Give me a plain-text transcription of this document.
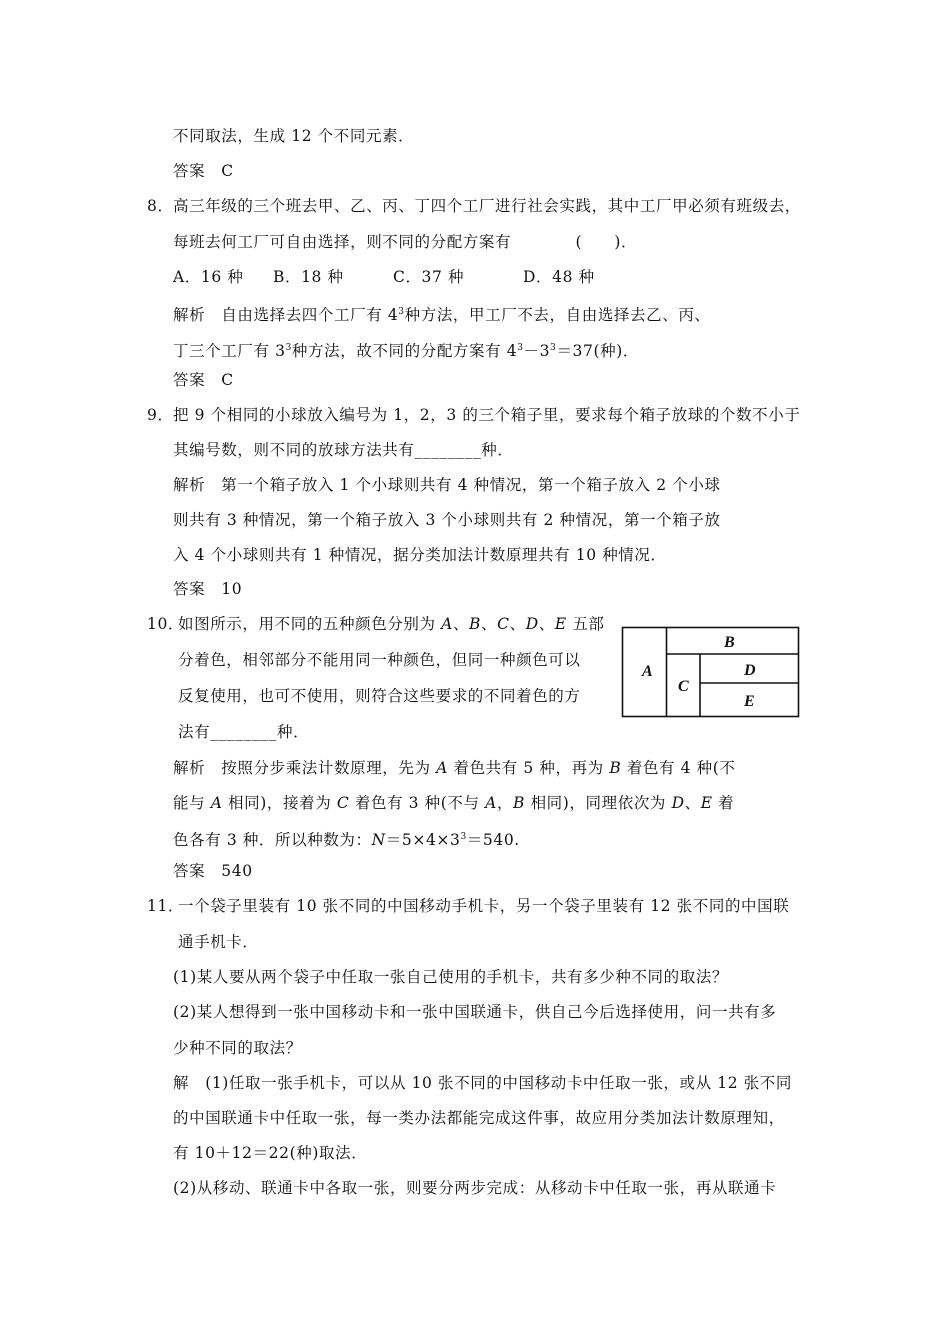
不同取法，生成 12 个不同元素．
答案　C
8． 高三年级的三个班去甲、乙、丙、丁四个工厂进行社会实践，其中工厂甲必须有班级去，
每班去何工厂可自由选择，则不同的分配方案有　　　　(　　)．
A．16 种 B．18 种	C．37 种	D．48 种
解析　自由选择去四个工厂有 $4^3$种方法，甲工厂不去，自由选择去乙、丙、
丁三个工厂有 $3^3$种方法，故不同的分配方案有 $4^3-3^3=37$(种)．
答案　C
9． 把 9 个相同的小球放入编号为 1，2，3 的三个箱子里，要求每个箱子放球的个数不小于
其编号数，则不同的放球方法共有________种．
解析　第一个箱子放入 1 个小球则共有 4 种情况，第一个箱子放入 2 个小球
则共有 3 种情况，第一个箱子放入 3 个小球则共有 2 种情况，第一个箱子放
入 4 个小球则共有 1 种情况，据分类加法计数原理共有 10 种情况．
答案　10
10．
如图所示，用不同的五种颜色分别为 A、B、C、D、E 五部
分着色，相邻部分不能用同一种颜色，但同一种颜色可以
反复使用，也可不使用，则符合这些要求的不同着色的方
法有________种．
A
B
C
D
E
解析　按照分步乘法计数原理，先为 A 着色共有 5 种，再为 B 着色有 4 种(不
能与 A 相同)，接着为 C 着色有 3 种(不与 A，B 相同)，同理依次为 D、E 着
色各有 3 种．所以种数为：$N=5\times 4\times 3^3=540$.
答案　540
11．
一个袋子里装有 10 张不同的中国移动手机卡，另一个袋子里装有 12 张不同的中国联
通手机卡．
(1)某人要从两个袋子中任取一张自己使用的手机卡，共有多少种不同的取法？
(2)某人想得到一张中国移动卡和一张中国联通卡，供自己今后选择使用，问一共有多
少种不同的取法？
解　(1)任取一张手机卡，可以从 10 张不同的中国移动卡中任取一张，或从 12 张不同
的中国联通卡中任取一张，每一类办法都能完成这件事，故应用分类加法计数原理知，
有 10＋12＝22(种)取法．
(2)从移动、联通卡中各取一张，则要分两步完成：从移动卡中任取一张，再从联通卡
